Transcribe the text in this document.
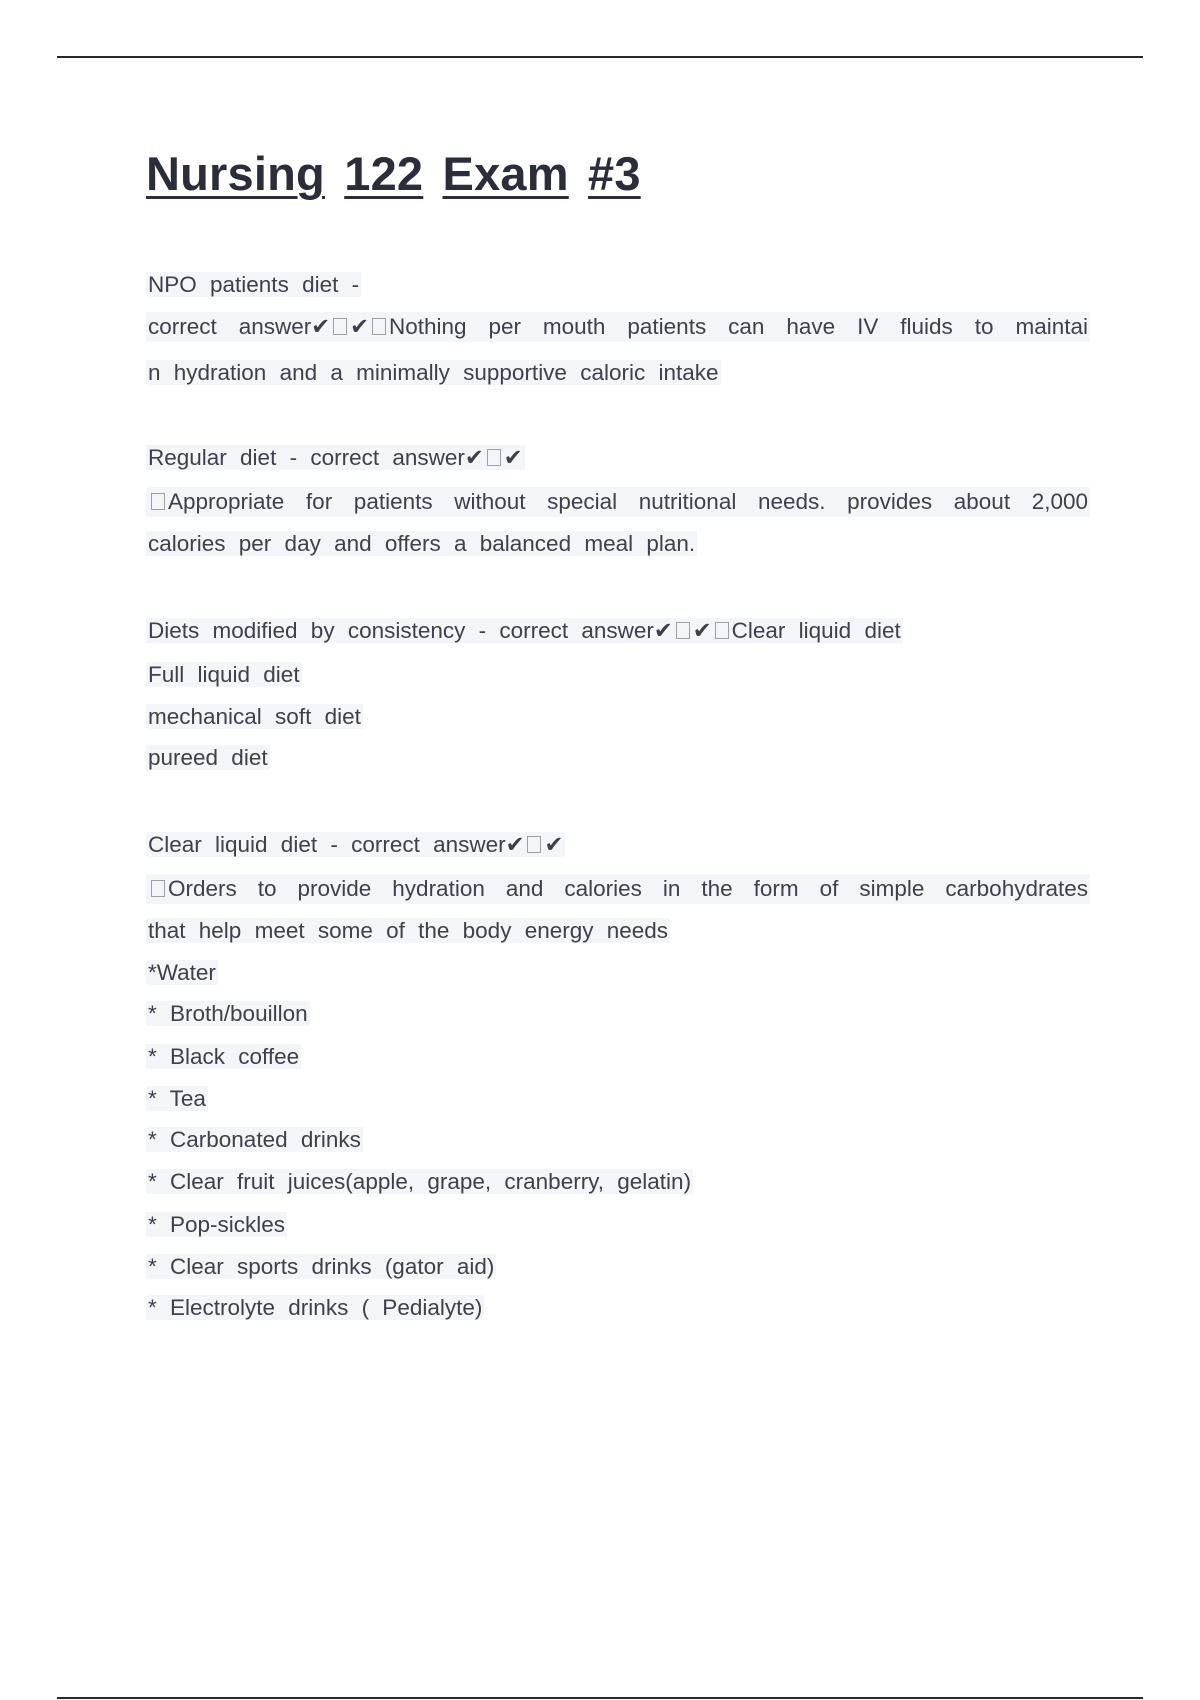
Nursing 122 Exam #3
NPO patients diet -
correct answer✔ ✔ Nothing per mouth patients can have IV fluids to maintai
n hydration and a minimally supportive caloric intake
Regular diet - correct answer✔ ✔
Appropriate for patients without special nutritional needs. provides about 2,000
calories per day and offers a balanced meal plan.
Diets modified by consistency - correct answer✔ ✔ Clear liquid diet
Full liquid diet
mechanical soft diet
pureed diet
Clear liquid diet - correct answer✔ ✔
Orders to provide hydration and calories in the form of simple carbohydrates
that help meet some of the body energy needs
*Water
* Broth/bouillon
* Black coffee
* Tea
* Carbonated drinks
* Clear fruit juices(apple, grape, cranberry, gelatin)
* Pop-sickles
* Clear sports drinks (gator aid)
* Electrolyte drinks ( Pedialyte)
